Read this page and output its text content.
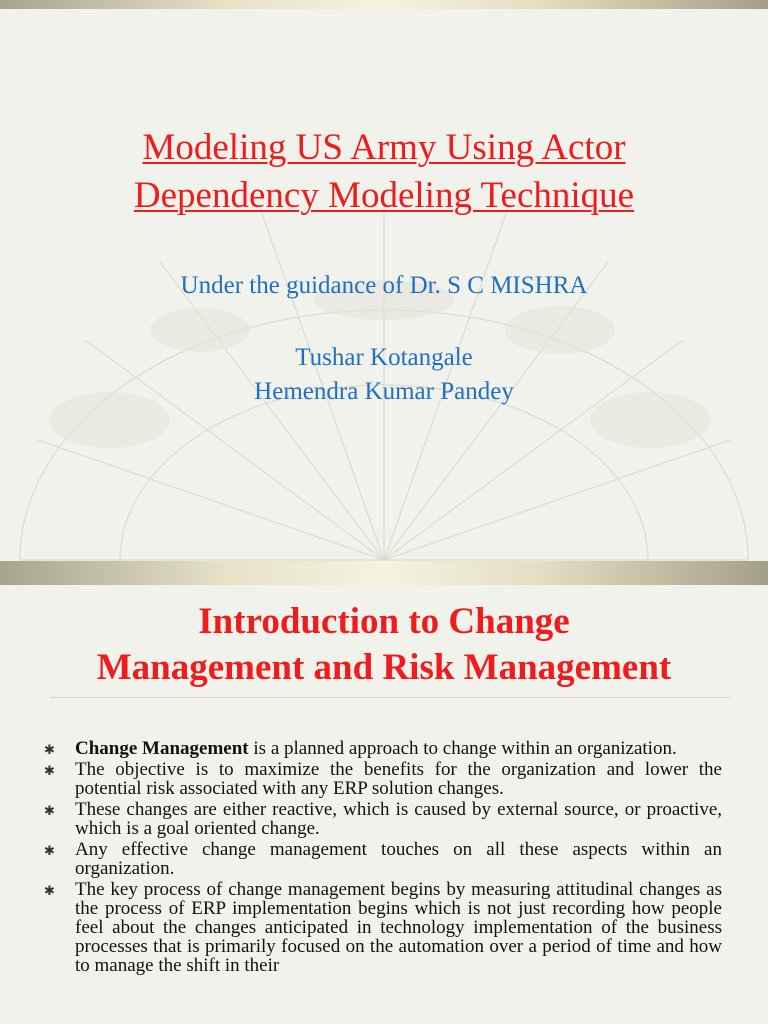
Modeling US Army Using Actor
Dependency Modeling Technique
Under the guidance of Dr. S C MISHRA
Tushar Kotangale
Hemendra Kumar Pandey
Introduction to Change
Management and Risk Management
✱ Change Management is a planned approach to change within an organization.
✱ The objective is to maximize the benefits for the organization and lower the potential risk associated with any ERP solution changes.
✱ These changes are either reactive, which is caused by external source, or proactive, which is a goal oriented change.
✱ Any effective change management touches on all these aspects within an organization.
✱ The key process of change management begins by measuring attitudinal changes as the process of ERP implementation begins which is not just recording how people feel about the changes anticipated in technology implementation of the business processes that is primarily focused on the automation over a period of time and how to manage the shift in their
